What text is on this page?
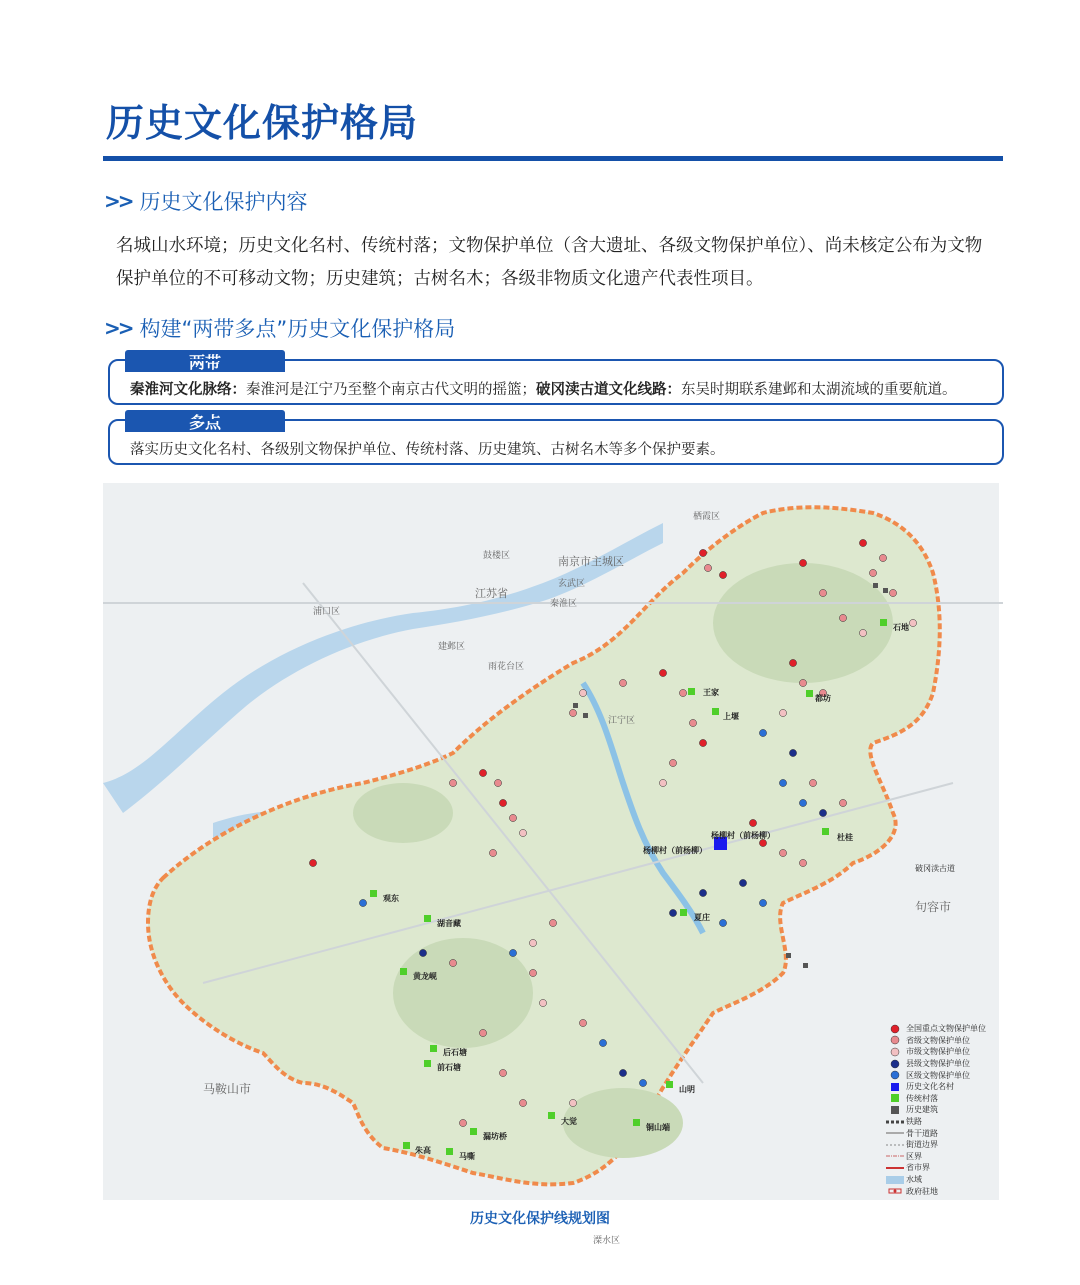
历史文化保护格局
>> 历史文化保护内容
名城山水环境；历史文化名村、传统村落；文物保护单位（含大遗址、各级文物保护单位）、尚未核定公布为文物保护单位的不可移动文物；历史建筑；古树名木；各级非物质文化遗产代表性项目。
>> 构建“两带多点”历史文化保护格局
两带
秦淮河文化脉络：秦淮河是江宁乃至整个南京古代文明的摇篮；破冈渎古道文化线路：东吴时期联系建邺和太湖流域的重要航道。
多点
落实历史文化名村、各级别文物保护单位、传统村落、历史建筑、古树名木等多个保护要素。
南京市主城区
江苏省
马鞍山市
句容市
玄武区
秦淮区
鼓楼区
栖霞区
建邺区
雨花台区
浦口区
江宁区
溧水区
杨柳村（前杨柳）
杨柳村（前杨柳）
王家
上堰
都坊
石地
杜桂
观东
湖音藏
黄龙岘
后石塘
前石塘
夏庄
山明
大觉
铜山端
朱高
马嘶
漏坊桥
破冈渎古道
全国重点文物保护单位
省级文物保护单位
市级文物保护单位
县级文物保护单位
区级文物保护单位
历史文化名村
传统村落
历史建筑
铁路
骨干道路
街道边界
区界
省市界
水域
政府驻地
历史文化保护线规划图
